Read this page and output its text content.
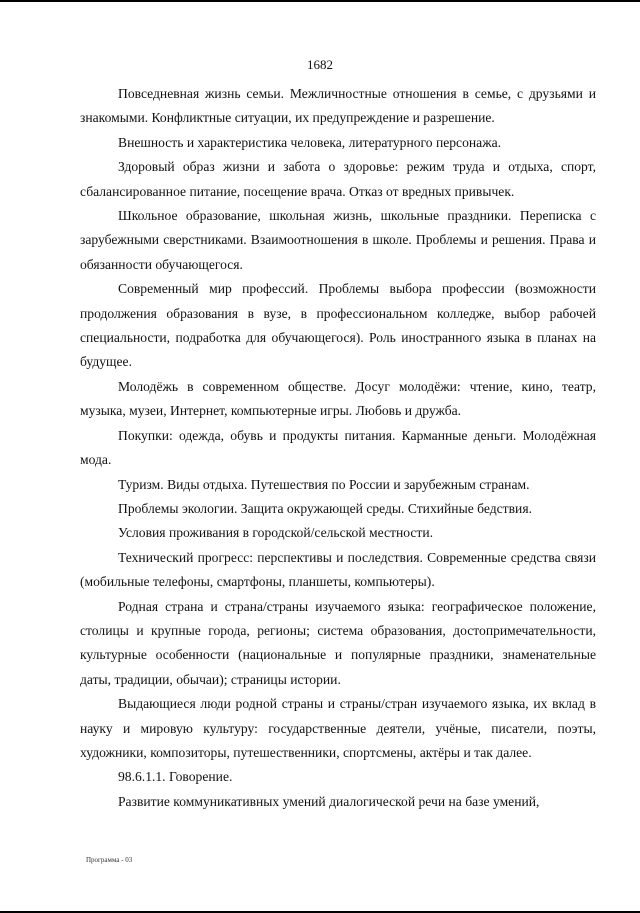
1682

Повседневная жизнь семьи. Межличностные отношения в семье, с друзьями и знакомыми. Конфликтные ситуации, их предупреждение и разрешение.

Внешность и характеристика человека, литературного персонажа.

Здоровый образ жизни и забота о здоровье: режим труда и отдыха, спорт, сбалансированное питание, посещение врача. Отказ от вредных привычек.

Школьное образование, школьная жизнь, школьные праздники. Переписка с зарубежными сверстниками. Взаимоотношения в школе. Проблемы и решения. Права и обязанности обучающегося.

Современный мир профессий. Проблемы выбора профессии (возможности продолжения образования в вузе, в профессиональном колледже, выбор рабочей специальности, подработка для обучающегося). Роль иностранного языка в планах на будущее.

Молодёжь в современном обществе. Досуг молодёжи: чтение, кино, театр, музыка, музеи, Интернет, компьютерные игры. Любовь и дружба.

Покупки: одежда, обувь и продукты питания. Карманные деньги. Молодёжная мода.

Туризм. Виды отдыха. Путешествия по России и зарубежным странам.

Проблемы экологии. Защита окружающей среды. Стихийные бедствия.

Условия проживания в городской/сельской местности.

Технический прогресс: перспективы и последствия. Современные средства связи (мобильные телефоны, смартфоны, планшеты, компьютеры).

Родная страна и страна/страны изучаемого языка: географическое положение, столицы и крупные города, регионы; система образования, достопримечательности, культурные особенности (национальные и популярные праздники, знаменательные даты, традиции, обычаи); страницы истории.

Выдающиеся люди родной страны и страны/стран изучаемого языка, их вклад в науку и мировую культуру: государственные деятели, учёные, писатели, поэты, художники, композиторы, путешественники, спортсмены, актёры и так далее.

98.6.1.1. Говорение.

Развитие коммуникативных умений диалогической речи на базе умений,

Программа - 03
